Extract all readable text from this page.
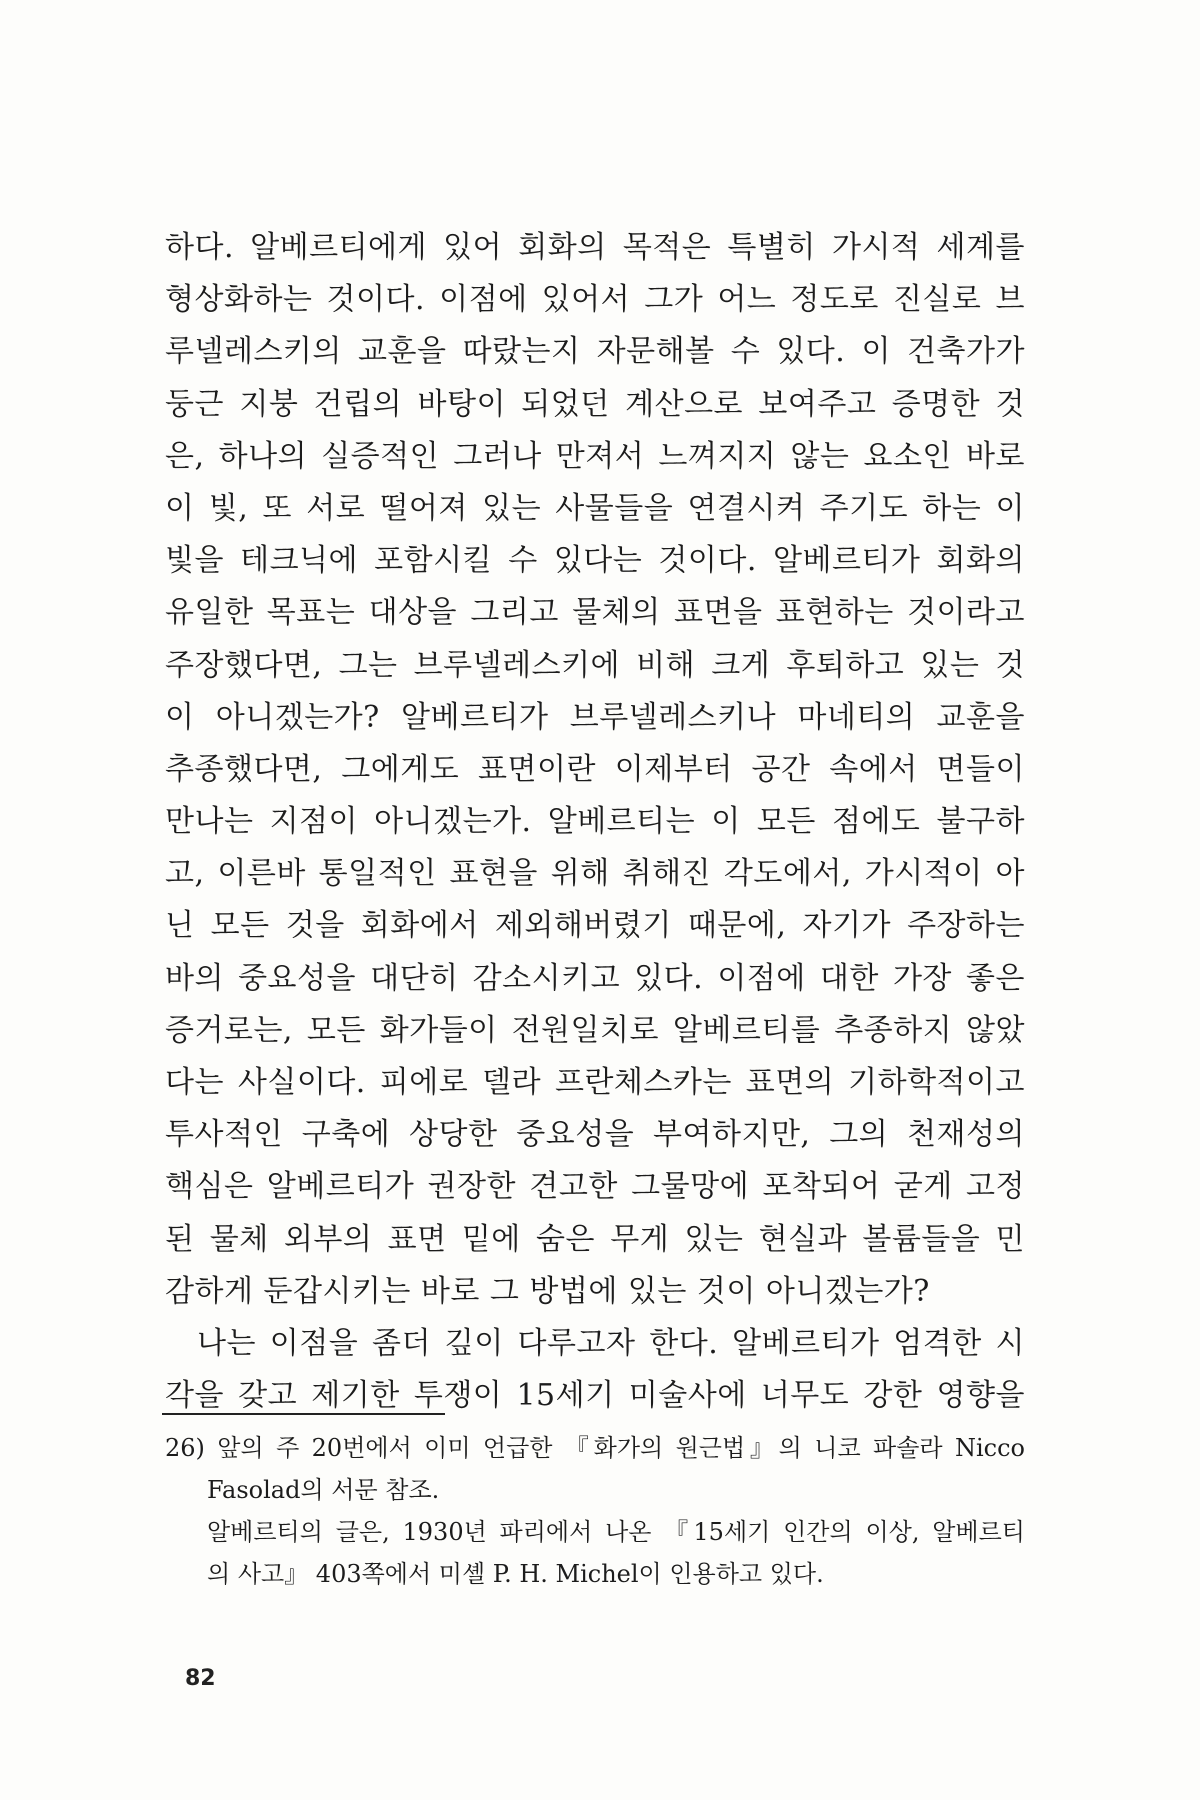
하다. 알베르티에게 있어 회화의 목적은 특별히 가시적 세계를
형상화하는 것이다. 이점에 있어서 그가 어느 정도로 진실로 브
루넬레스키의 교훈을 따랐는지 자문해볼 수 있다. 이 건축가가
둥근 지붕 건립의 바탕이 되었던 계산으로 보여주고 증명한 것
은, 하나의 실증적인 그러나 만져서 느껴지지 않는 요소인 바로
이 빛, 또 서로 떨어져 있는 사물들을 연결시켜 주기도 하는 이
빛을 테크닉에 포함시킬 수 있다는 것이다. 알베르티가 회화의
유일한 목표는 대상을 그리고 물체의 표면을 표현하는 것이라고
주장했다면, 그는 브루넬레스키에 비해 크게 후퇴하고 있는 것
이 아니겠는가? 알베르티가 브루넬레스키나 마네티의 교훈을
추종했다면, 그에게도 표면이란 이제부터 공간 속에서 면들이
만나는 지점이 아니겠는가. 알베르티는 이 모든 점에도 불구하
고, 이른바 통일적인 표현을 위해 취해진 각도에서, 가시적이 아
닌 모든 것을 회화에서 제외해버렸기 때문에, 자기가 주장하는
바의 중요성을 대단히 감소시키고 있다. 이점에 대한 가장 좋은
증거로는, 모든 화가들이 전원일치로 알베르티를 추종하지 않았
다는 사실이다. 피에로 델라 프란체스카는 표면의 기하학적이고
투사적인 구축에 상당한 중요성을 부여하지만, 그의 천재성의
핵심은 알베르티가 권장한 견고한 그물망에 포착되어 굳게 고정
된 물체 외부의 표면 밑에 숨은 무게 있는 현실과 볼륨들을 민
감하게 둔갑시키는 바로 그 방법에 있는 것이 아니겠는가?
나는 이점을 좀더 깊이 다루고자 한다. 알베르티가 엄격한 시
각을 갖고 제기한 투쟁이 15세기 미술사에 너무도 강한 영향을
26) 앞의 주 20번에서 이미 언급한 『화가의 원근법』의 니코 파솔라 Nicco
Fasolad의 서문 참조.
알베르티의 글은, 1930년 파리에서 나온 『15세기 인간의 이상, 알베르티
의 사고』 403쪽에서 미셸 P. H. Michel이 인용하고 있다.
82
